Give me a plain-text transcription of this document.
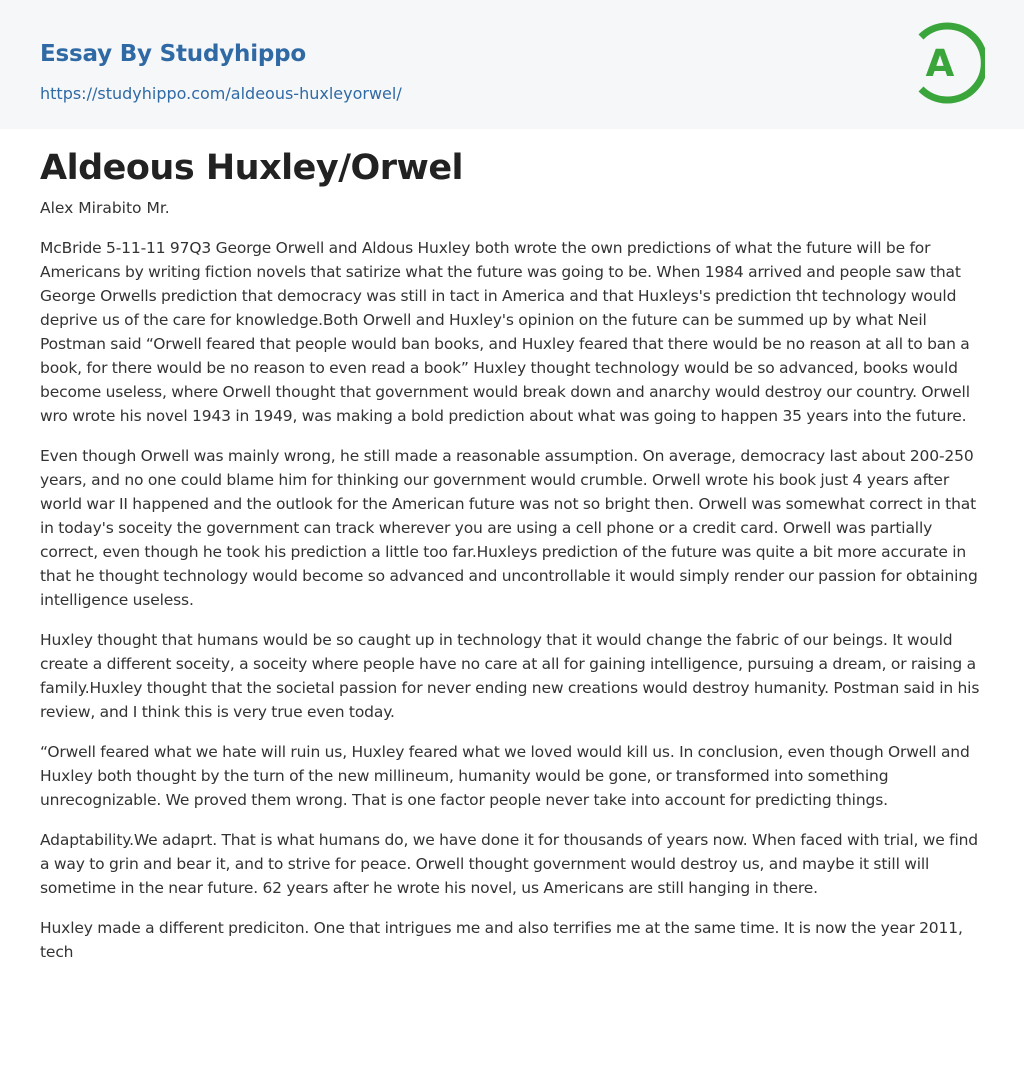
Essay By Studyhippo
https://studyhippo.com/aldeous-huxleyorwel/
A
Aldeous Huxley/Orwel

Alex Mirabito Mr.

McBride 5-11-11 97Q3 George Orwell and Aldous Huxley both wrote the own predictions of what the future will be for Americans by writing fiction novels that satirize what the future was going to be. When 1984 arrived and people saw that George Orwells prediction that democracy was still in tact in America and that Huxleys's prediction tht technology would deprive us of the care for knowledge.Both Orwell and Huxley's opinion on the future can be summed up by what Neil Postman said “Orwell feared that people would ban books, and Huxley feared that there would be no reason at all to ban a book, for there would be no reason to even read a book” Huxley thought technology would be so advanced, books would become useless, where Orwell thought that government would break down and anarchy would destroy our country. Orwell wro wrote his novel 1943 in 1949, was making a bold prediction about what was going to happen 35 years into the future.

Even though Orwell was mainly wrong, he still made a reasonable assumption. On average, democracy last about 200-250 years, and no one could blame him for thinking our government would crumble. Orwell wrote his book just 4 years after world war II happened and the outlook for the American future was not so bright then. Orwell was somewhat correct in that in today's soceity the government can track wherever you are using a cell phone or a credit card. Orwell was partially correct, even though he took his prediction a little too far.Huxleys prediction of the future was quite a bit more accurate in that he thought technology would become so advanced and uncontrollable it would simply render our passion for obtaining intelligence useless.

Huxley thought that humans would be so caught up in technology that it would change the fabric of our beings. It would create a different soceity, a soceity where people have no care at all for gaining intelligence, pursuing a dream, or raising a family.Huxley thought that the societal passion for never ending new creations would destroy humanity. Postman said in his review, and I think this is very true even today.

“Orwell feared what we hate will ruin us, Huxley feared what we loved would kill us. In conclusion, even though Orwell and Huxley both thought by the turn of the new millineum, humanity would be gone, or transformed into something unrecognizable. We proved them wrong. That is one factor people never take into account for predicting things.

Adaptability.We adaprt. That is what humans do, we have done it for thousands of years now. When faced with trial, we find a way to grin and bear it, and to strive for peace. Orwell thought government would destroy us, and maybe it still will sometime in the near future. 62 years after he wrote his novel, us Americans are still hanging in there.

Huxley made a different prediciton. One that intrigues me and also terrifies me at the same time. It is now the year 2011, tech
